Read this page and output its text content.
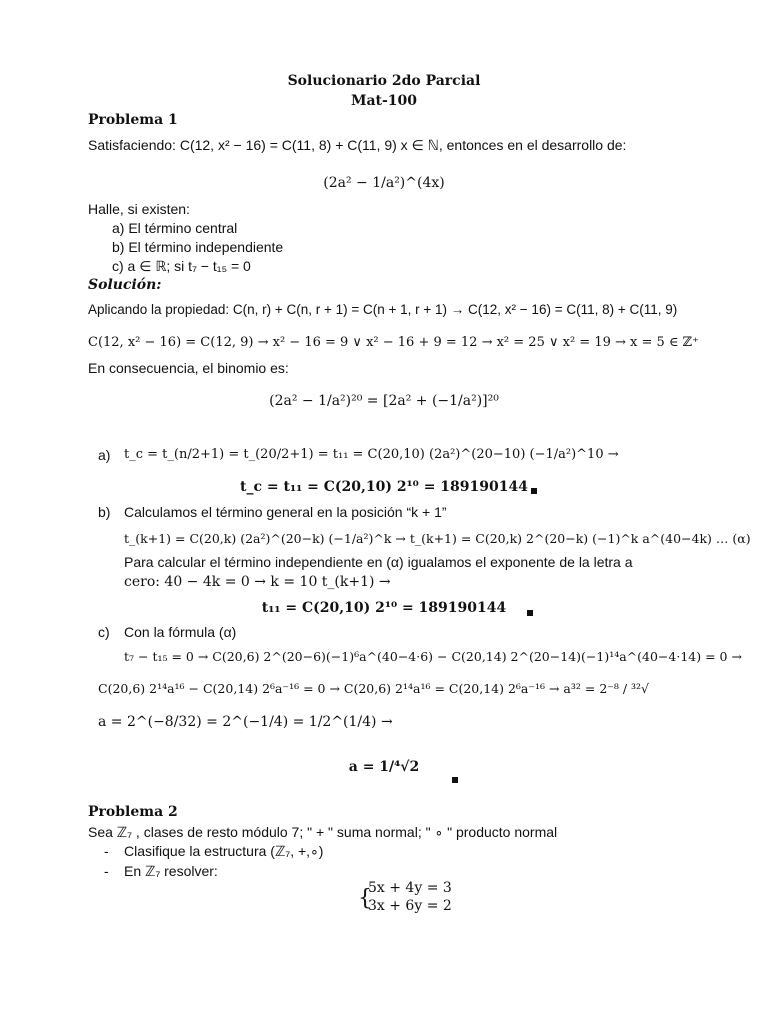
Solucionario 2do Parcial
Mat-100
Problema 1
Satisfaciendo: C(12, x² − 16) = C(11, 8) + C(11, 9) x ∈ ℕ, entonces en el desarrollo de:
(2a² − 1/a²)^(4x)
Halle, si existen:
a) El término central
b) El término independiente
c) a ∈ ℝ; si t₇ − t₁₅ = 0
Solución:
Aplicando la propiedad: C(n, r) + C(n, r + 1) = C(n + 1, r + 1) → C(12, x² − 16) = C(11, 8) + C(11, 9)
C(12, x² − 16) = C(12, 9) → x² − 16 = 9 ∨ x² − 16 + 9 = 12 → x² = 25 ∨ x² = 19 → x = 5 ∈ ℤ⁺
En consecuencia, el binomio es:
(2a² − 1/a²)²⁰ = [2a² + (−1/a²)]²⁰
a) t_c = t_(n/2+1) = t_(20/2+1) = t₁₁ = C(20,10) (2a²)^(20−10) (−1/a²)^10 →
t_c = t₁₁ = C(20,10) 2¹⁰ = 189190144
b) Calculamos el término general en la posición “k + 1”
t_(k+1) = C(20,k) (2a²)^(20−k) (−1/a²)^k → t_(k+1) = C(20,k) 2^(20−k) (−1)^k a^(40−4k) … (α)
Para calcular el término independiente en (α) igualamos el exponente de la letra a
cero: 40 − 4k = 0 → k = 10 t_(k+1) →
t₁₁ = C(20,10) 2¹⁰ = 189190144
c) Con la fórmula (α)
t₇ − t₁₅ = 0 → C(20,6) 2^(20−6)(−1)⁶a^(40−4·6) − C(20,14) 2^(20−14)(−1)¹⁴a^(40−4·14) = 0 →
C(20,6) 2¹⁴a¹⁶ − C(20,14) 2⁶a⁻¹⁶ = 0 → C(20,6) 2¹⁴a¹⁶ = C(20,14) 2⁶a⁻¹⁶ → a³² = 2⁻⁸ / ³²√
a = 2^(−8/32) = 2^(−1/4) = 1/2^(1/4) →
a = 1/⁴√2
Problema 2
Sea ℤ₇ , clases de resto módulo 7; " + " suma normal; " ∘ " producto normal
- Clasifique la estructura (ℤ₇, +,∘)
- En ℤ₇ resolver:
{
5x + 4y = 3
3x + 6y = 2
